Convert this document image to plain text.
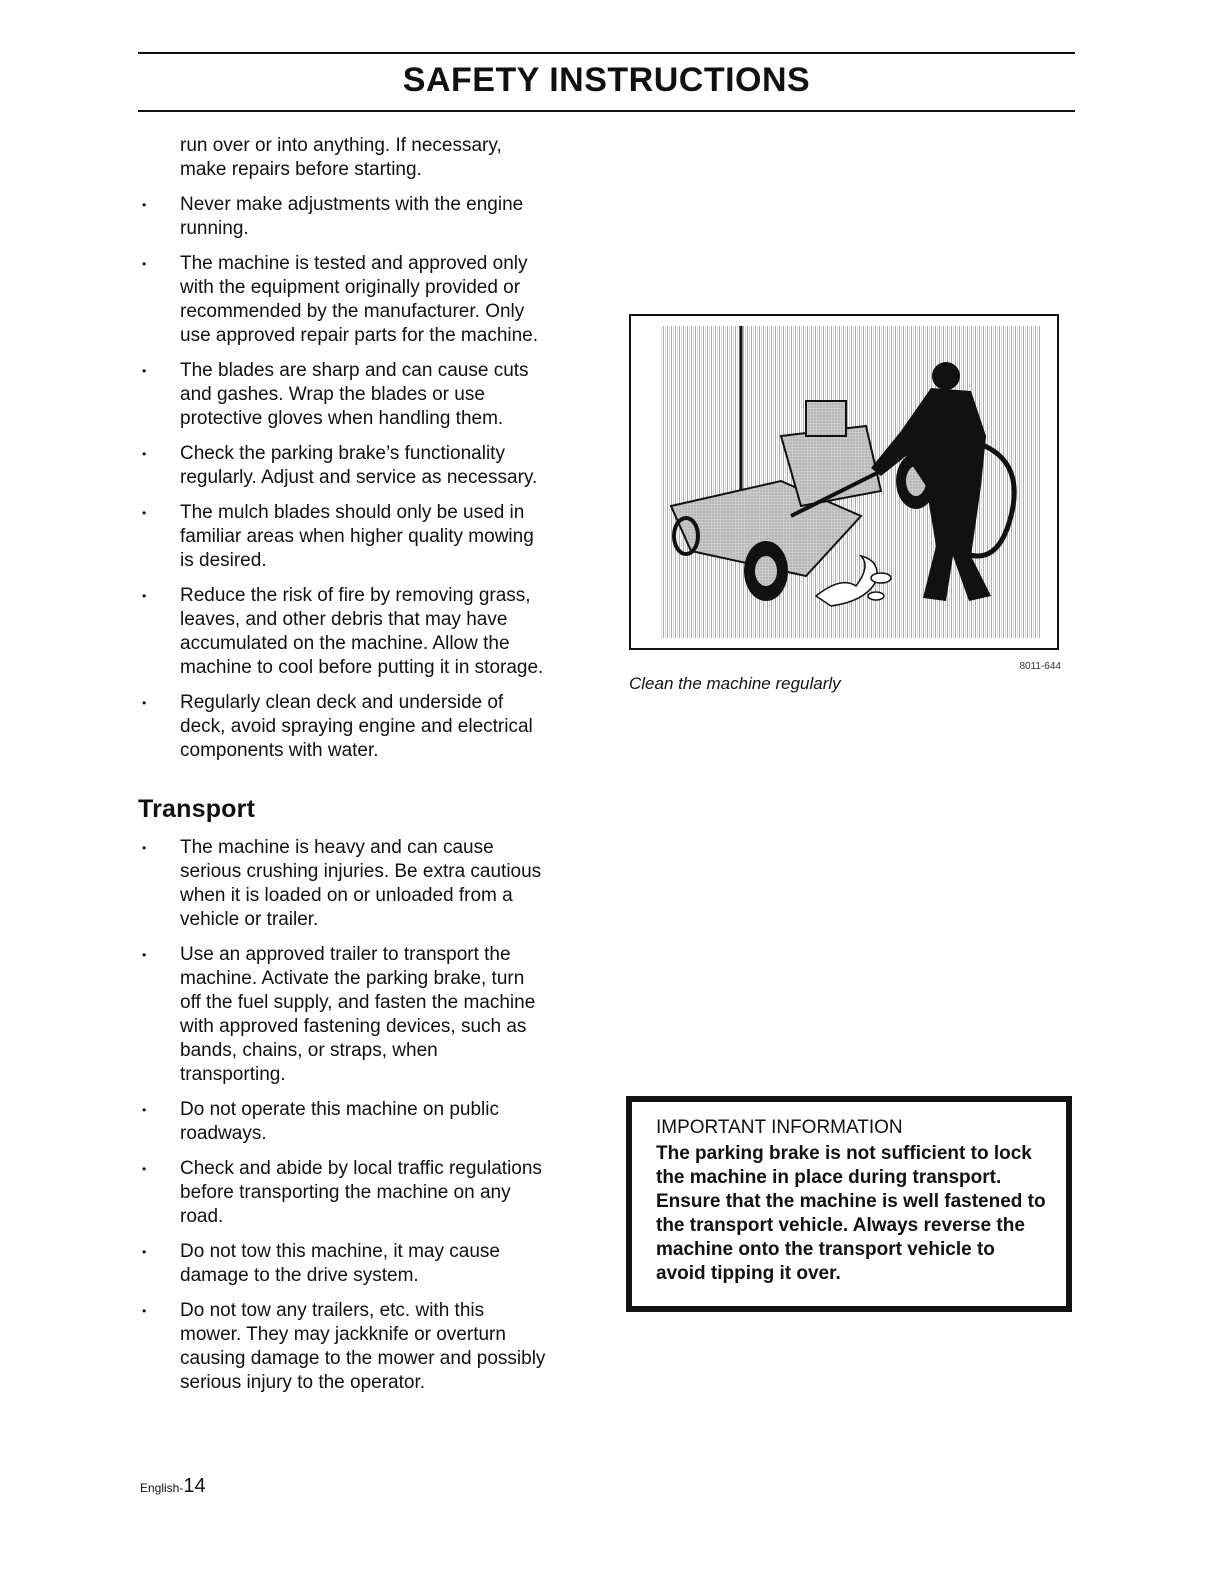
SAFETY INSTRUCTIONS
run over or into anything. If necessary, make repairs before starting.
• Never make adjustments with the engine running.
• The machine is tested and approved only with the equipment originally provided or recommended by the manufacturer. Only use approved repair parts for the machine.
• The blades are sharp and can cause cuts and gashes. Wrap the blades or use protective gloves when handling them.
• Check the parking brake’s functionality regularly. Adjust and service as necessary.
• The mulch blades should only be used in familiar areas when higher quality mowing is desired.
• Reduce the risk of fire by removing grass, leaves, and other debris that may have accumulated on the machine. Allow the machine to cool before putting it in storage.
• Regularly clean deck and underside of deck, avoid spraying engine and electrical components with water.
Transport
• The machine is heavy and can cause serious crushing injuries. Be extra cautious when it is loaded on or unloaded from a vehicle or trailer.
• Use an approved trailer to transport the machine. Activate the parking brake, turn off the fuel supply, and fasten the machine with approved fastening devices, such as bands, chains, or straps, when transporting.
• Do not operate this machine on public roadways.
• Check and abide by local traffic regulations before transporting the machine on any road.
• Do not tow this machine, it may cause damage to the drive system.
• Do not tow any trailers, etc. with this mower. They may jackknife or overturn causing damage to the mower and possibly serious injury to the operator.
8011-644
Clean the machine regularly
IMPORTANT INFORMATION
The parking brake is not sufficient to lock the machine in place during transport. Ensure that the machine is well fastened to the transport vehicle. Always reverse the machine onto the transport vehicle to avoid tipping it over.
English-14
